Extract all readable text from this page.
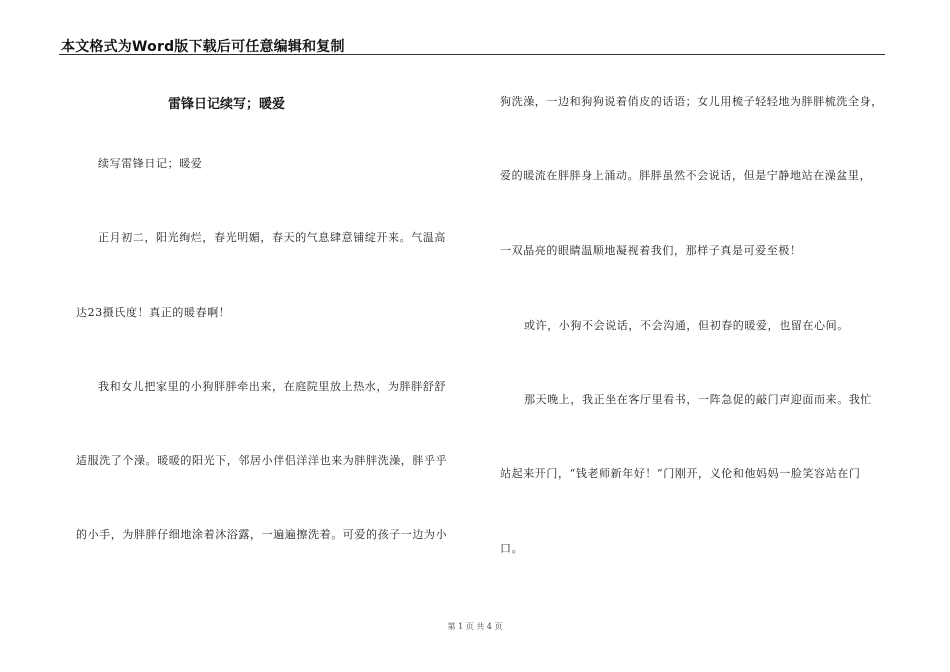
本文格式为Word版下载后可任意编辑和复制
雷锋日记续写；暖爱
续写雷锋日记；暖爱
正月初二，阳光绚烂，春光明媚，春天的气息肆意铺绽开来。气温高
达23摄氏度！真正的暖春啊！
我和女儿把家里的小狗胖胖牵出来，在庭院里放上热水，为胖胖舒舒
适服洗了个澡。暖暖的阳光下，邻居小伴侣洋洋也来为胖胖洗澡，胖乎乎
的小手，为胖胖仔细地涂着沐浴露，一遍遍擦洗着。可爱的孩子一边为小
狗洗澡，一边和狗狗说着俏皮的话语；女儿用梳子轻轻地为胖胖梳洗全身，
爱的暖流在胖胖身上涌动。胖胖虽然不会说话，但是宁静地站在澡盆里，
一双晶亮的眼睛温顺地凝视着我们，那样子真是可爱至极！
或许，小狗不会说话，不会沟通，但初春的暖爱，也留在心间。
那天晚上，我正坐在客厅里看书，一阵急促的敲门声迎面而来。我忙
站起来开门，“钱老师新年好！”门刚开，义伦和他妈妈一脸笑容站在门
口。
第 1 页 共 4 页
